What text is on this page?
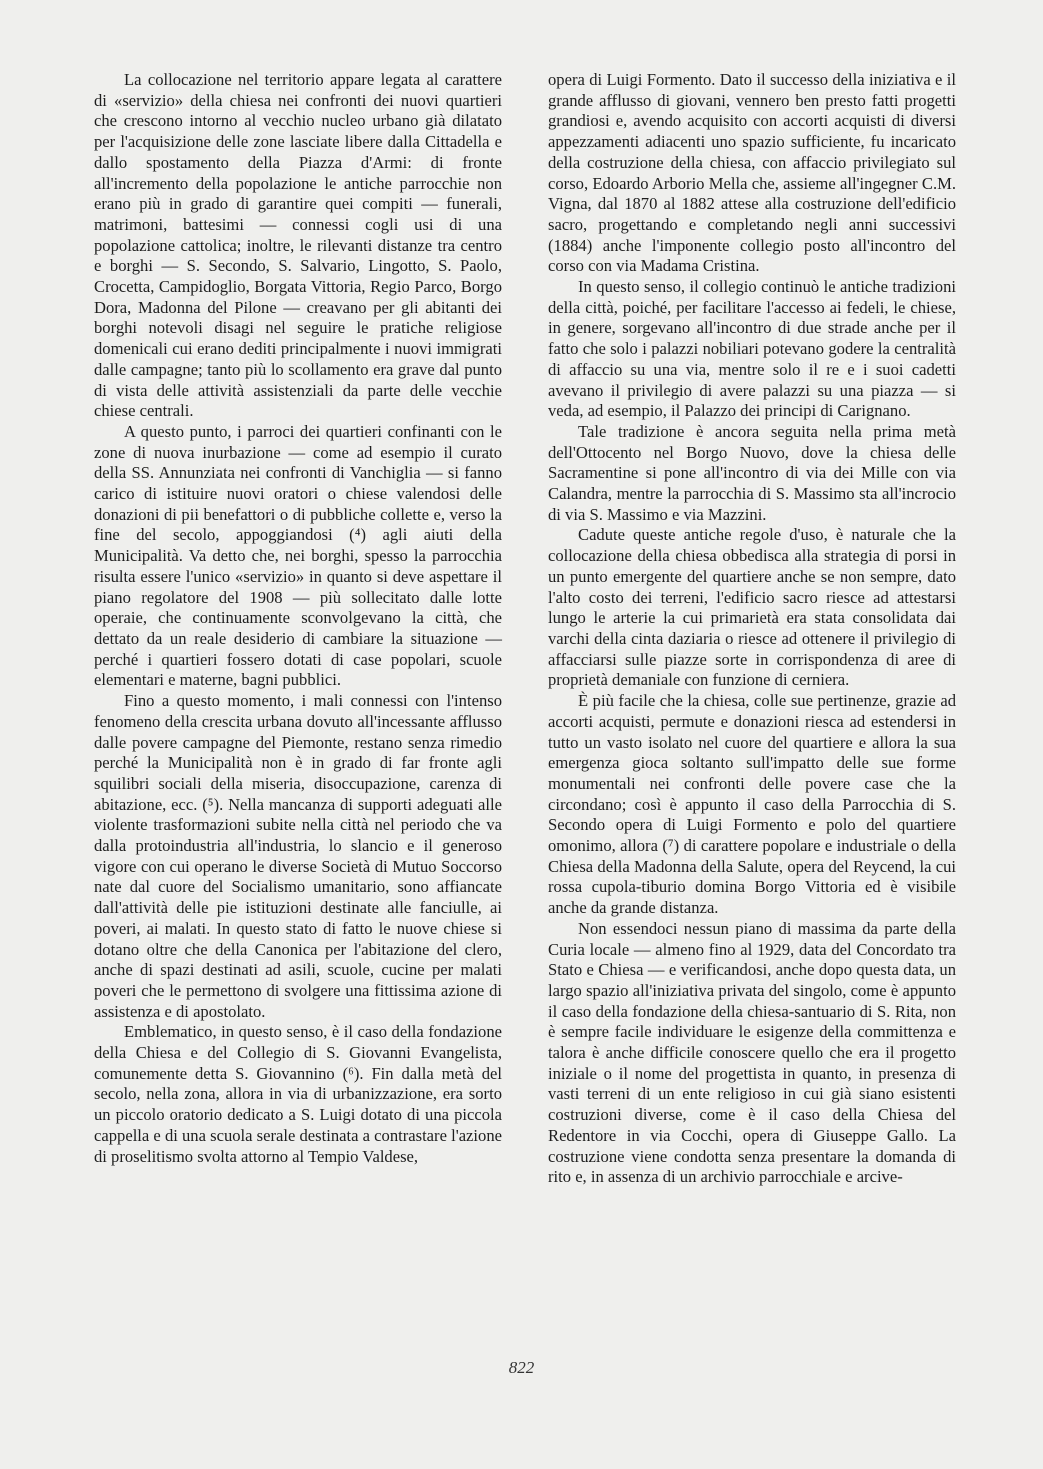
La collocazione nel territorio appare legata al carattere di «servizio» della chiesa nei confronti dei nuovi quartieri che crescono intorno al vecchio nucleo urbano già dilatato per l'acquisizione delle zone lasciate libere dalla Cittadella e dallo spostamento della Piazza d'Armi: di fronte all'incremento della popolazione le antiche parrocchie non erano più in grado di garantire quei compiti — funerali, matrimoni, battesimi — connessi cogli usi di una popolazione cattolica; inoltre, le rilevanti distanze tra centro e borghi — S. Secondo, S. Salvario, Lingotto, S. Paolo, Crocetta, Campidoglio, Borgata Vittoria, Regio Parco, Borgo Dora, Madonna del Pilone — creavano per gli abitanti dei borghi notevoli disagi nel seguire le pratiche religiose domenicali cui erano dediti principalmente i nuovi immigrati dalle campagne; tanto più lo scollamento era grave dal punto di vista delle attività assistenziali da parte delle vecchie chiese centrali.

A questo punto, i parroci dei quartieri confinanti con le zone di nuova inurbazione — come ad esempio il curato della SS. Annunziata nei confronti di Vanchiglia — si fanno carico di istituire nuovi oratori o chiese valendosi delle donazioni di pii benefattori o di pubbliche collette e, verso la fine del secolo, appoggiandosi (⁴) agli aiuti della Municipalità. Va detto che, nei borghi, spesso la parrocchia risulta essere l'unico «servizio» in quanto si deve aspettare il piano regolatore del 1908 — più sollecitato dalle lotte operaie, che continuamente sconvolgevano la città, che dettato da un reale desiderio di cambiare la situazione — perché i quartieri fossero dotati di case popolari, scuole elementari e materne, bagni pubblici.

Fino a questo momento, i mali connessi con l'intenso fenomeno della crescita urbana dovuto all'incessante afflusso dalle povere campagne del Piemonte, restano senza rimedio perché la Municipalità non è in grado di far fronte agli squilibri sociali della miseria, disoccupazione, carenza di abitazione, ecc. (⁵). Nella mancanza di supporti adeguati alle violente trasformazioni subite nella città nel periodo che va dalla protoindustria all'industria, lo slancio e il generoso vigore con cui operano le diverse Società di Mutuo Soccorso nate dal cuore del Socialismo umanitario, sono affiancate dall'attività delle pie istituzioni destinate alle fanciulle, ai poveri, ai malati. In questo stato di fatto le nuove chiese si dotano oltre che della Canonica per l'abitazione del clero, anche di spazi destinati ad asili, scuole, cucine per malati poveri che le permettono di svolgere una fittissima azione di assistenza e di apostolato.

Emblematico, in questo senso, è il caso della fondazione della Chiesa e del Collegio di S. Giovanni Evangelista, comunemente detta S. Giovannino (⁶). Fin dalla metà del secolo, nella zona, allora in via di urbanizzazione, era sorto un piccolo oratorio dedicato a S. Luigi dotato di una piccola cappella e di una scuola serale destinata a contrastare l'azione di proselitismo svolta attorno al Tempio Valdese,

opera di Luigi Formento. Dato il successo della iniziativa e il grande afflusso di giovani, vennero ben presto fatti progetti grandiosi e, avendo acquisito con accorti acquisti di diversi appezzamenti adiacenti uno spazio sufficiente, fu incaricato della costruzione della chiesa, con affaccio privilegiato sul corso, Edoardo Arborio Mella che, assieme all'ingegner C.M. Vigna, dal 1870 al 1882 attese alla costruzione dell'edificio sacro, progettando e completando negli anni successivi (1884) anche l'imponente collegio posto all'incontro del corso con via Madama Cristina.

In questo senso, il collegio continuò le antiche tradizioni della città, poiché, per facilitare l'accesso ai fedeli, le chiese, in genere, sorgevano all'incontro di due strade anche per il fatto che solo i palazzi nobiliari potevano godere la centralità di affaccio su una via, mentre solo il re e i suoi cadetti avevano il privilegio di avere palazzi su una piazza — si veda, ad esempio, il Palazzo dei principi di Carignano.

Tale tradizione è ancora seguita nella prima metà dell'Ottocento nel Borgo Nuovo, dove la chiesa delle Sacramentine si pone all'incontro di via dei Mille con via Calandra, mentre la parrocchia di S. Massimo sta all'incrocio di via S. Massimo e via Mazzini.

Cadute queste antiche regole d'uso, è naturale che la collocazione della chiesa obbedisca alla strategia di porsi in un punto emergente del quartiere anche se non sempre, dato l'alto costo dei terreni, l'edificio sacro riesce ad attestarsi lungo le arterie la cui primarietà era stata consolidata dai varchi della cinta daziaria o riesce ad ottenere il privilegio di affacciarsi sulle piazze sorte in corrispondenza di aree di proprietà demaniale con funzione di cerniera.

È più facile che la chiesa, colle sue pertinenze, grazie ad accorti acquisti, permute e donazioni riesca ad estendersi in tutto un vasto isolato nel cuore del quartiere e allora la sua emergenza gioca soltanto sull'impatto delle sue forme monumentali nei confronti delle povere case che la circondano; così è appunto il caso della Parrocchia di S. Secondo opera di Luigi Formento e polo del quartiere omonimo, allora (⁷) di carattere popolare e industriale o della Chiesa della Madonna della Salute, opera del Reycend, la cui rossa cupola-tiburio domina Borgo Vittoria ed è visibile anche da grande distanza.

Non essendoci nessun piano di massima da parte della Curia locale — almeno fino al 1929, data del Concordato tra Stato e Chiesa — e verificandosi, anche dopo questa data, un largo spazio all'iniziativa privata del singolo, come è appunto il caso della fondazione della chiesa-santuario di S. Rita, non è sempre facile individuare le esigenze della committenza e talora è anche difficile conoscere quello che era il progetto iniziale o il nome del progettista in quanto, in presenza di vasti terreni di un ente religioso in cui già siano esistenti costruzioni diverse, come è il caso della Chiesa del Redentore in via Cocchi, opera di Giuseppe Gallo. La costruzione viene condotta senza presentare la domanda di rito e, in assenza di un archivio parrocchiale e arcive-

822
